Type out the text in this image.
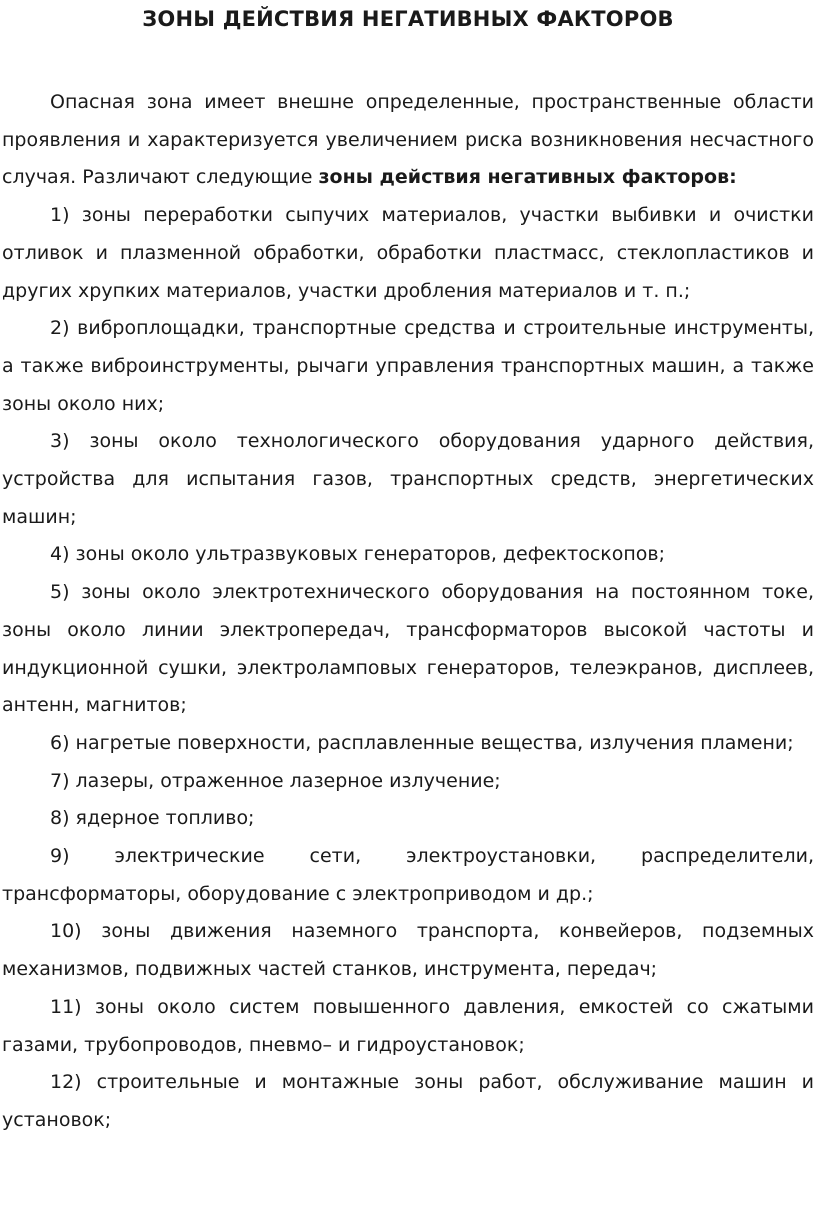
ЗОНЫ ДЕЙСТВИЯ НЕГАТИВНЫХ ФАКТОРОВ

Опасная зона имеет внешне определенные, пространственные области проявления и характеризуется увеличением риска возникновения несчастного случая. Различают следующие зоны действия негативных факторов:

1) зоны переработки сыпучих материалов, участки выбивки и очистки отливок и плазменной обработки, обработки пластмасс, стеклопластиков и других хрупких материалов, участки дробления материалов и т. п.;

2) виброплощадки, транспортные средства и строительные инструменты, а также виброинструменты, рычаги управления транспортных машин, а также зоны около них;

3) зоны около технологического оборудования ударного действия, устройства для испытания газов, транспортных средств, энергетических машин;

4) зоны около ультразвуковых генераторов, дефектоскопов;

5) зоны около электротехнического оборудования на постоянном токе, зоны около линии электропередач, трансформаторов высокой частоты и индукционной сушки, электроламповых генераторов, телеэкранов, дисплеев, антенн, магнитов;

6) нагретые поверхности, расплавленные вещества, излучения пламени;

7) лазеры, отраженное лазерное излучение;

8) ядерное топливо;

9) электрические сети, электроустановки, распределители, трансформаторы, оборудование с электроприводом и др.;

10) зоны движения наземного транспорта, конвейеров, подземных механизмов, подвижных частей станков, инструмента, передач;

11) зоны около систем повышенного давления, емкостей со сжатыми газами, трубопроводов, пневмо– и гидроустановок;

12) строительные и монтажные зоны работ, обслуживание машин и установок;
